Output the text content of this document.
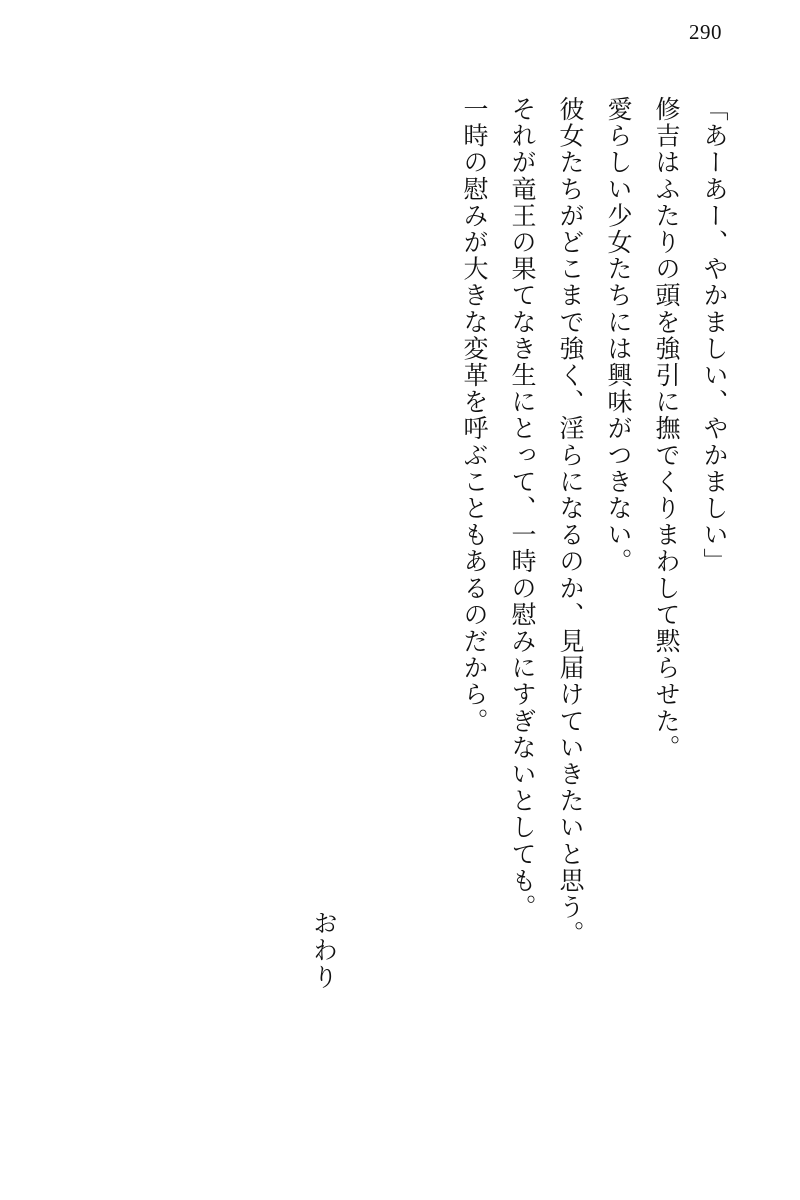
290

「あーあー、やかましい、やかましい」

修吉はふたりの頭を強引に撫でくりまわして黙らせた。

愛らしい少女たちには興味がつきない。

彼女たちがどこまで強く、淫らになるのか、見届けていきたいと思う。

それが竜王の果てなき生にとって、一時の慰みにすぎないとしても。

一時の慰みが大きな変革を呼ぶこともあるのだから。

おわり
